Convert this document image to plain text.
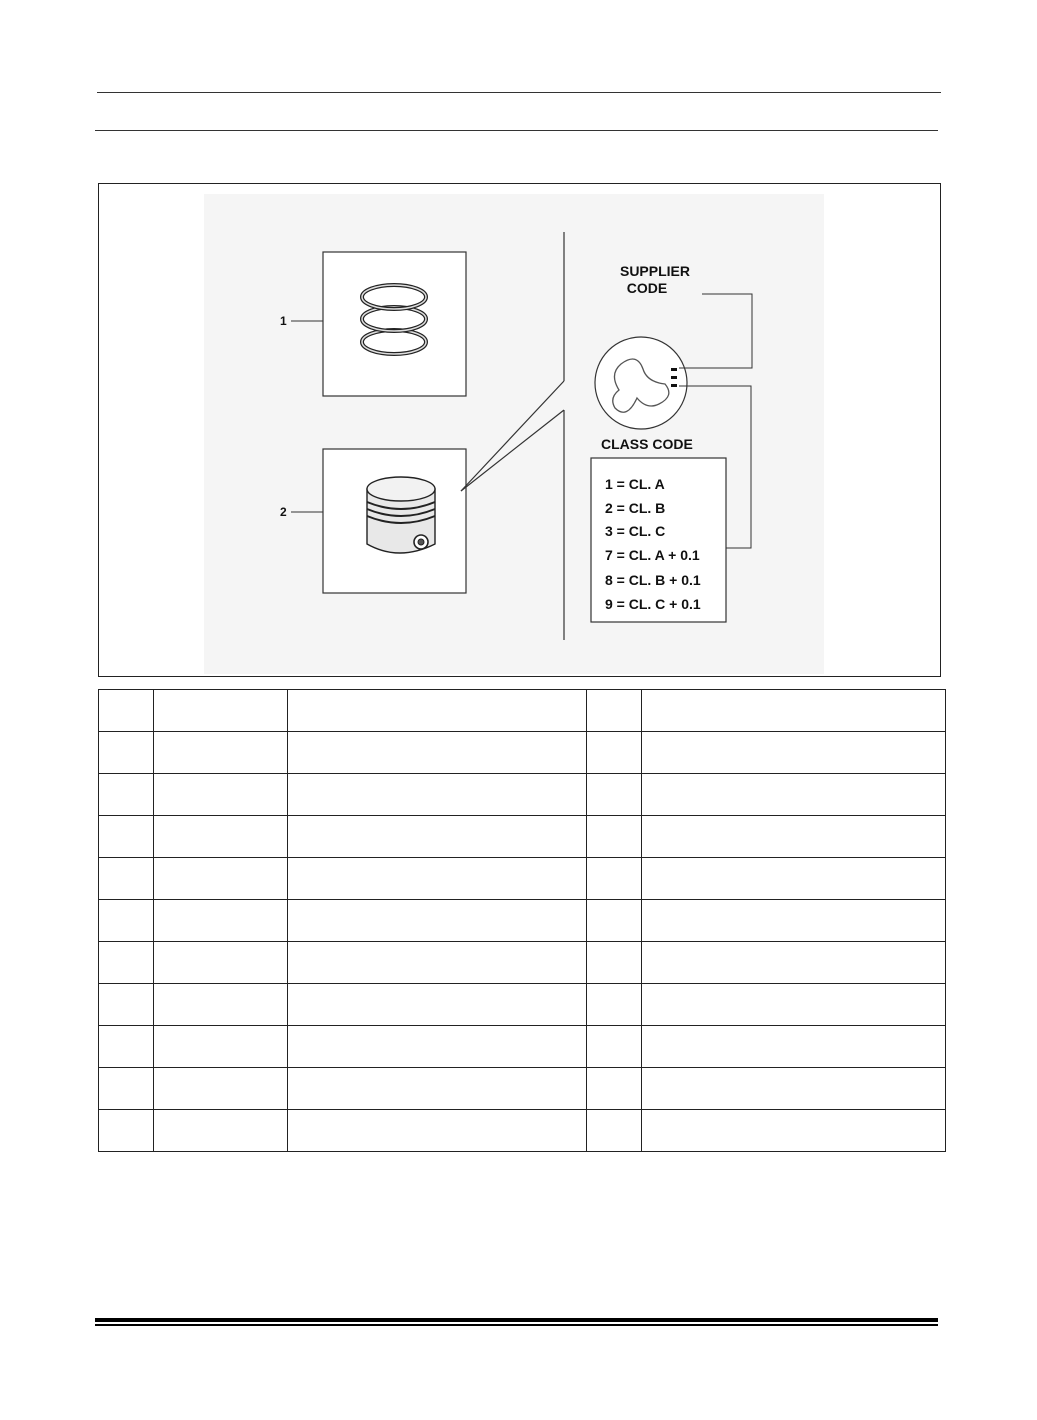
1
2
SUPPLIER
CODE
CLASS CODE
1 = CL. A
2 = CL. B
3 = CL. C
7 = CL. A + 0.1
8 = CL. B + 0.1
9 = CL. C + 0.1
